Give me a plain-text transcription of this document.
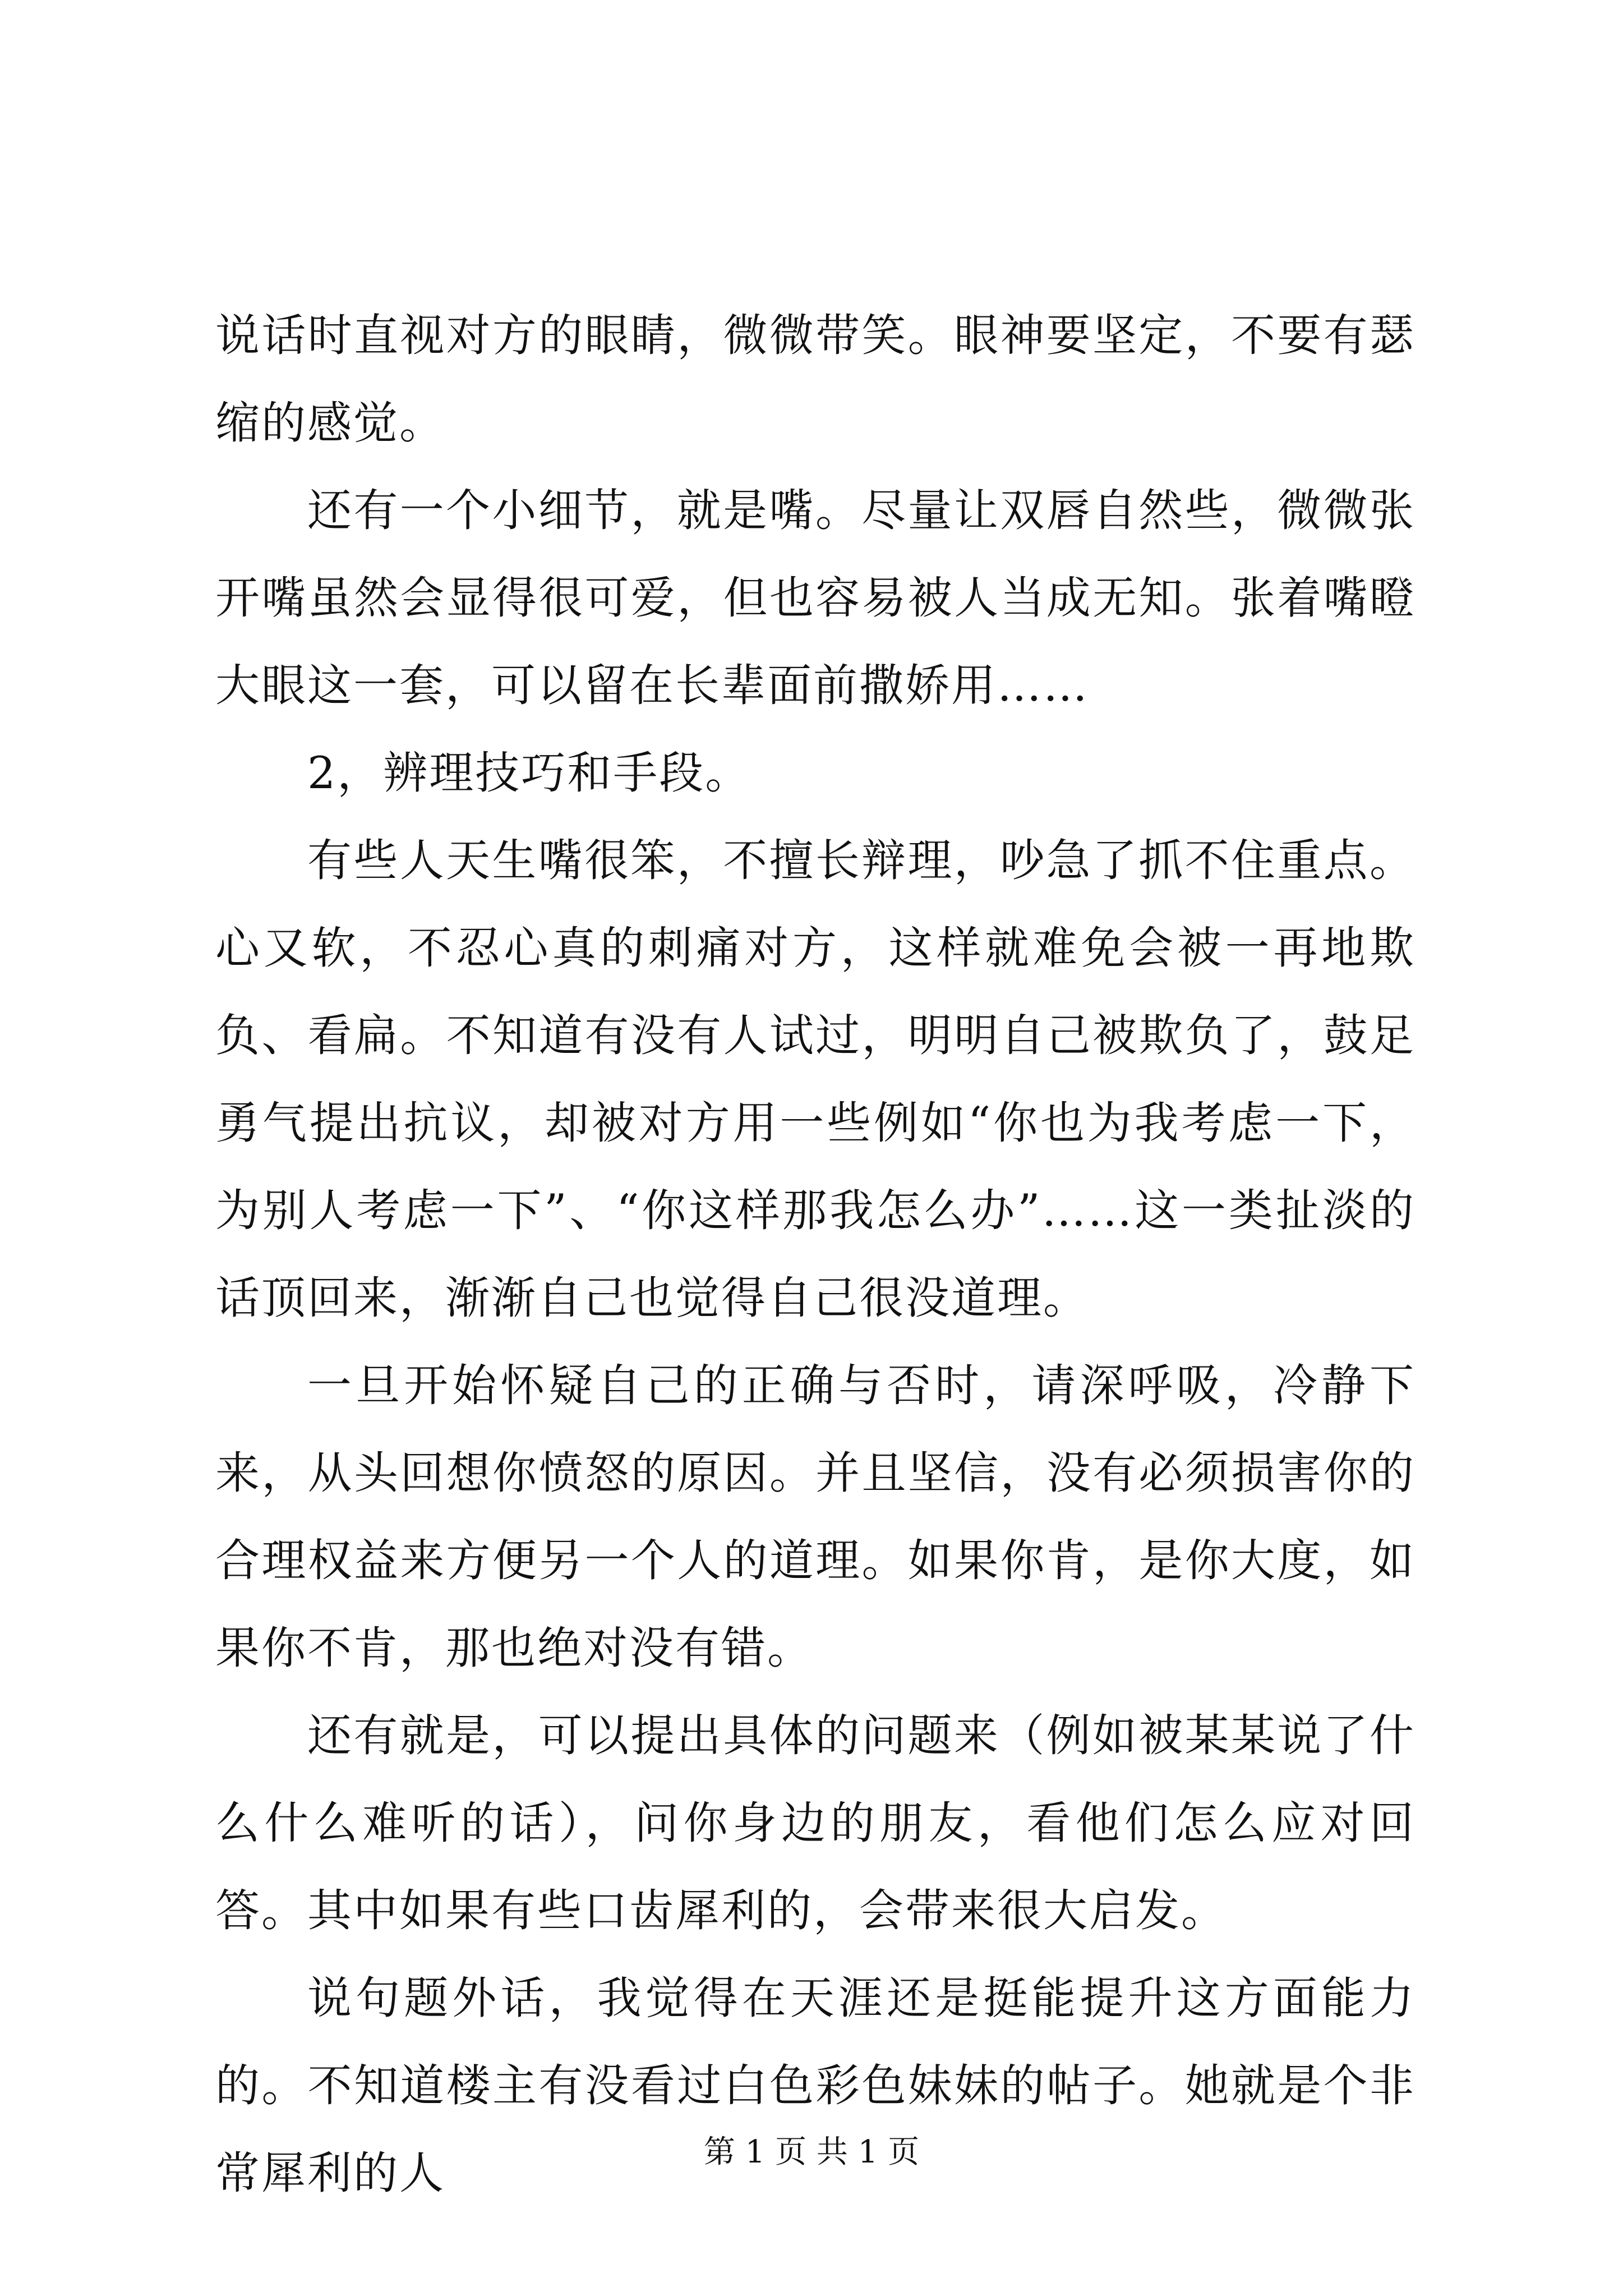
说话时直视对方的眼睛，微微带笑。眼神要坚定，不要有瑟缩的感觉。

还有一个小细节，就是嘴。尽量让双唇自然些，微微张开嘴虽然会显得很可爱，但也容易被人当成无知。张着嘴瞪大眼这一套，可以留在长辈面前撒娇用……

2，辨理技巧和手段。

有些人天生嘴很笨，不擅长辩理，吵急了抓不住重点。心又软，不忍心真的刺痛对方，这样就难免会被一再地欺负、看扁。不知道有没有人试过，明明自己被欺负了，鼓足勇气提出抗议，却被对方用一些例如“你也为我考虑一下，为别人考虑一下”、“你这样那我怎么办”……这一类扯淡的话顶回来，渐渐自己也觉得自己很没道理。

一旦开始怀疑自己的正确与否时，请深呼吸，冷静下来，从头回想你愤怒的原因。并且坚信，没有必须损害你的合理权益来方便另一个人的道理。如果你肯，是你大度，如果你不肯，那也绝对没有错。

还有就是，可以提出具体的问题来（例如被某某说了什么什么难听的话），问你身边的朋友，看他们怎么应对回答。其中如果有些口齿犀利的，会带来很大启发。

说句题外话，我觉得在天涯还是挺能提升这方面能力的。不知道楼主有没看过白色彩色妹妹的帖子。她就是个非常犀利的人	第 1 页 共 1 页
